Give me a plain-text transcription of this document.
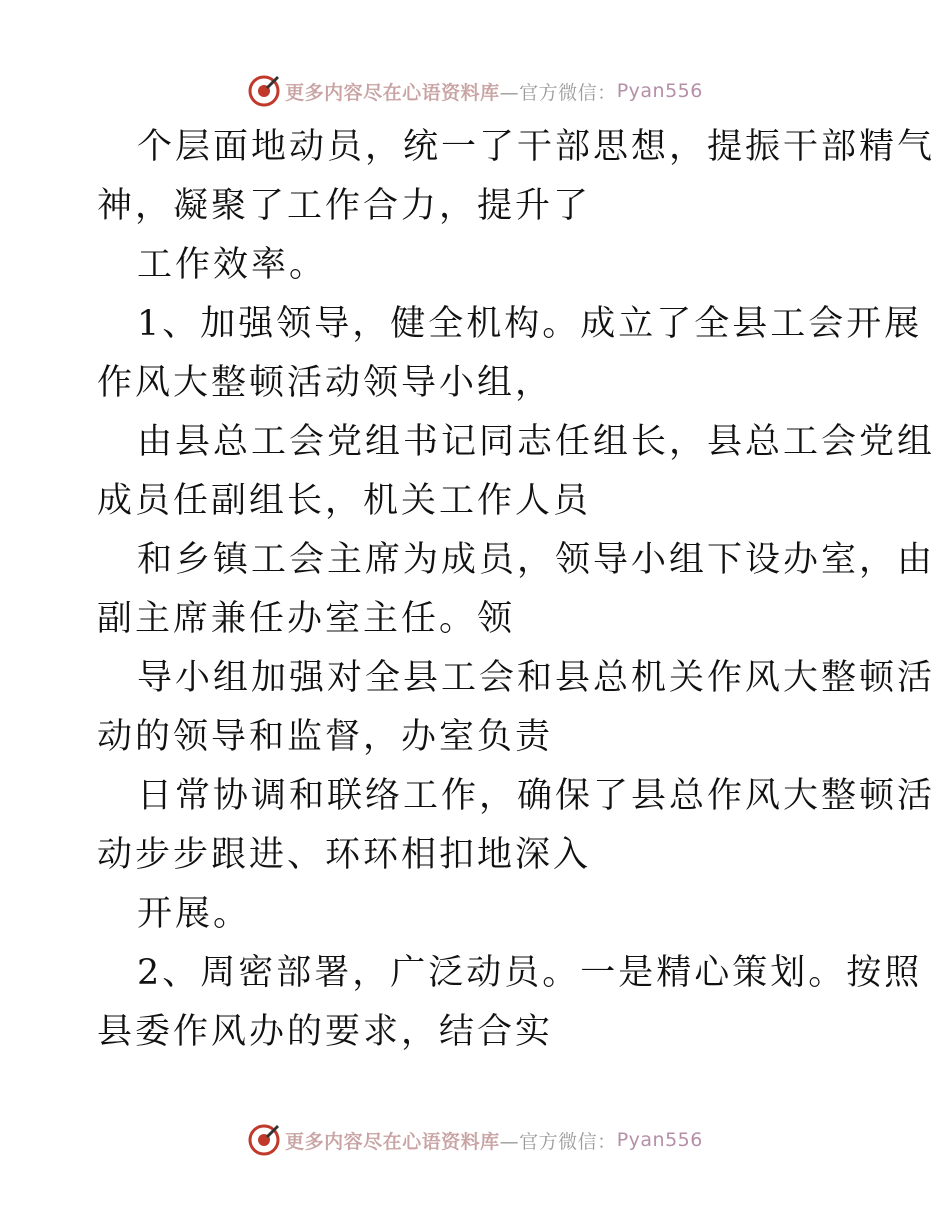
更多内容尽在心语资料库 —官方微信： Pyan556
个层面地动员，统一了干部思想，提振干部精气
神，凝聚了工作合力，提升了
工作效率。
1、加强领导，健全机构。成立了全县工会开展
作风大整顿活动领导小组，
由县总工会党组书记同志任组长，县总工会党组
成员任副组长，机关工作人员
和乡镇工会主席为成员，领导小组下设办室，由
副主席兼任办室主任。领
导小组加强对全县工会和县总机关作风大整顿活
动的领导和监督，办室负责
日常协调和联络工作，确保了县总作风大整顿活
动步步跟进、环环相扣地深入
开展。
2、周密部署，广泛动员。一是精心策划。按照
县委作风办的要求，结合实
更多内容尽在心语资料库 —官方微信： Pyan556
